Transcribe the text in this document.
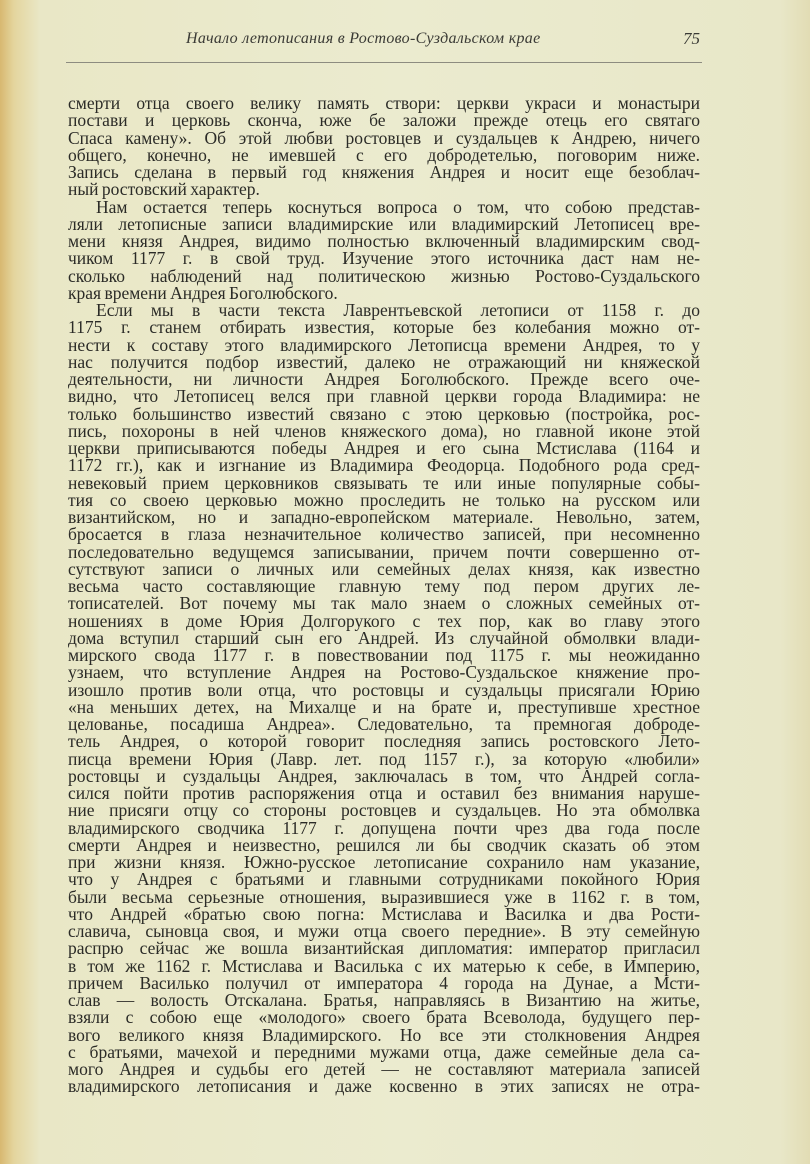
Начало летописания в Ростово-Суздальском крае	75
смерти отца своего велику память створи: церкви украси и монастыри
постави и церковь скончa, юже бе заложи прежде отець его святаго
Спаса камену». Об этой любви ростовцев и суздальцев к Андрею, ничего
общего, конечно, не имевшей с его добродетелью, поговорим ниже.
Запись сделана в первый год княжения Андрея и носит еще безоблач-
ный ростовский характер.
Нам остается теперь коснуться вопроса о том, что собою представ-
ляли летописные записи владимирские или владимирский Летописец вре-
мени князя Андрея, видимо полностью включенный владимирским свод-
чиком 1177 г. в свой труд. Изучение этого источника даст нам не-
сколько наблюдений над политическою жизнью Ростово-Суздальского
края времени Андрея Боголюбского.
Если мы в части текста Лаврентьевской летописи от 1158 г. до
1175 г. станем отбирать известия, которые без колебания можно от-
нести к составу этого владимирского Летописца времени Андрея, то у
нас получится подбор известий, далеко не отражающий ни княжеской
деятельности, ни личности Андрея Боголюбского. Прежде всего оче-
видно, что Летописец велся при главной церкви города Владимира: не
только большинство известий связано с этою церковью (постройка, рос-
пись, похороны в ней членов княжеского дома), но главной иконе этой
церкви приписываются победы Андрея и его сына Мстислава (1164 и
1172 гг.), как и изгнание из Владимира Феодорца. Подобного рода сред-
невековый прием церковников связывать те или иные популярные собы-
тия со своею церковью можно проследить не только на русском или
византийском, но и западно-европейском материале. Невольно, затем,
бросается в глаза незначительное количество записей, при несомненно
последовательно ведущемся записывании, причем почти совершенно от-
сутствуют записи о личных или семейных делах князя, как известно
весьма часто составляющие главную тему под пером других ле-
тописателей. Вот почему мы так мало знаем о сложных семейных от-
ношениях в доме Юрия Долгорукого с тех пор, как во главу этого
дома вступил старший сын его Андрей. Из случайной обмолвки влади-
мирского свода 1177 г. в повествовании под 1175 г. мы неожиданно
узнаем, что вступление Андрея на Ростово-Суздальское княжение про-
изошло против воли отца, что ростовцы и суздальцы присягали Юрию
«на меньших детех, на Михалце и на брате и, преступивше хрестное
целованье, посадиша Андреа». Следовательно, та премногая доброде-
тель Андрея, о которой говорит последняя запись ростовского Лето-
писца времени Юрия (Лавр. лет. под 1157 г.), за которую «любили»
ростовцы и суздальцы Андрея, заключалась в том, что Андрей согла-
сился пойти против распоряжения отца и оставил без внимания наруше-
ние присяги отцу со стороны ростовцев и суздальцев. Но эта обмолвка
владимирского сводчика 1177 г. допущена почти чрез два года после
смерти Андрея и неизвестно, решился ли бы сводчик сказать об этом
при жизни князя. Южно-русское летописание сохранило нам указание,
что у Андрея с братьями и главными сотрудниками покойного Юрия
были весьма серьезные отношения, выразившиеся уже в 1162 г. в том,
что Андрей «братью свою погна: Мстислава и Василка и два Рости-
славича, сыновца своя, и мужи отца своего передние». В эту семейную
распрю сейчас же вошла византийская дипломатия: император пригласил
в том же 1162 г. Мстислава и Василька с их матерью к себе, в Империю,
причем Василько получил от императора 4 города на Дунае, а Мсти-
слав — волость Отскалана. Братья, направляясь в Византию на житье,
взяли с собою еще «молодого» своего брата Всеволода, будущего пер-
вого великого князя Владимирского. Но все эти столкновения Андрея
с братьями, мачехой и передними мужами отца, даже семейные дела са-
мого Андрея и судьбы его детей — не составляют материала записей
владимирского летописания и даже косвенно в этих записях не отра-
